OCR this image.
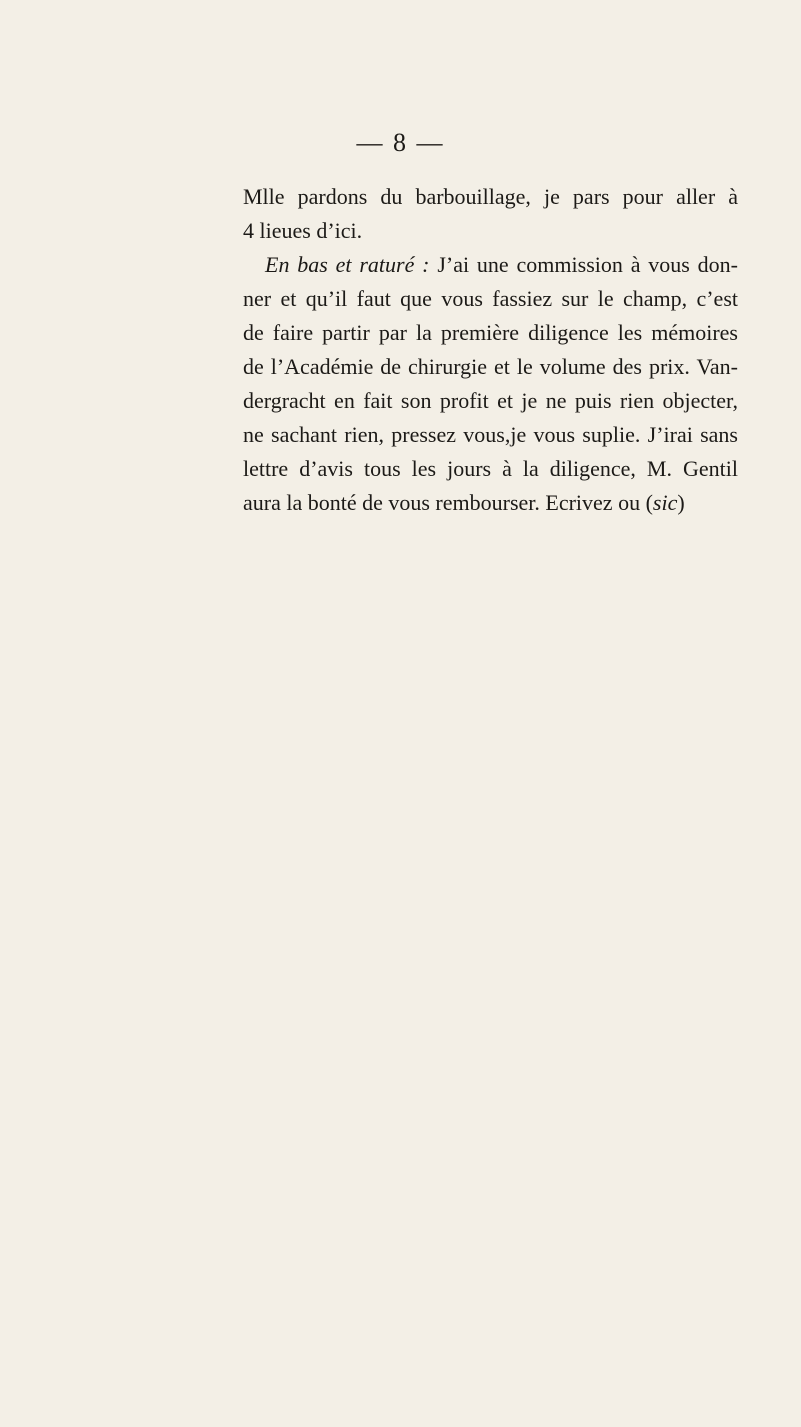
— 8 —
Mlle pardons du barbouillage, je pars pour aller à
4 lieues d’ici.
En bas et raturé : J’ai une commission à vous don-
ner et qu’il faut que vous fassiez sur le champ, c’est
de faire partir par la première diligence les mémoires
de l’Académie de chirurgie et le volume des prix. Van-
dergracht en fait son profit et je ne puis rien objecter,
ne sachant rien, pressez vous,je vous suplie. J’irai sans
lettre d’avis tous les jours à la diligence, M. Gentil
aura la bonté de vous rembourser. Ecrivez ou (sic)
